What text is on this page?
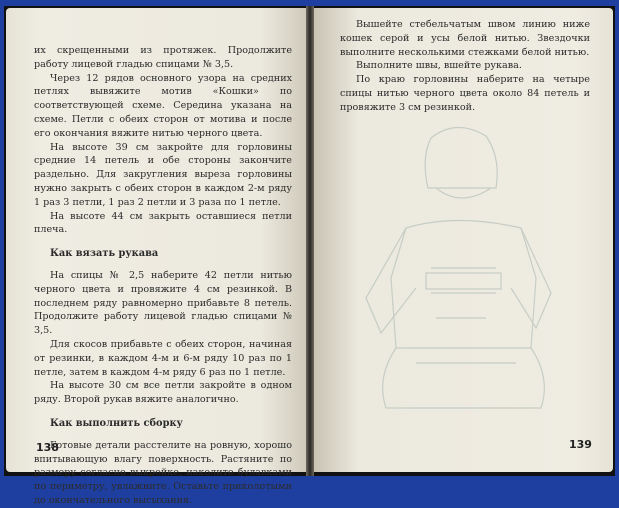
их скрещенными из протяжек. Продолжите работу лицевой гладью спицами № 3,5.

Через 12 рядов основного узора на средних петлях вывяжите мотив «Кошки» по соответствующей схеме. Середина указана на схеме. Петли с обеих сторон от мотива и после его окончания вяжите нитью черного цвета.

На высоте 39 см закройте для горловины средние 14 петель и обе стороны закончите раздельно. Для закругления выреза горловины нужно закрыть с обеих сторон в каждом 2-м ряду 1 раз 3 петли, 1 раз 2 петли и 3 раза по 1 петле.

На высоте 44 см закрыть оставшиеся петли плеча.

Как вязать рукава

На спицы № 2,5 наберите 42 петли нитью черного цвета и провяжите 4 см резинкой. В последнем ряду равномерно прибавьте 8 петель. Продолжите работу лицевой гладью спицами № 3,5.

Для скосов прибавьте с обеих сторон, начиная от резинки, в каждом 4-м и 6-м ряду 10 раз по 1 петле, затем в каждом 4-м ряду 6 раз по 1 петле.

На высоте 30 см все петли закройте в одном ряду. Второй рукав вяжите аналогично.

Как выполнить сборку

Готовые детали расстелите на ровную, хорошо впитывающую влагу поверхность. Растяните по размеру согласно выкройке, наколите булавками по периметру, увлажните. Оставьте приколотыми до окончательного высыхания.

138

Вышейте стебельчатым швом линию ниже кошек серой и усы белой нитью. Звездочки выполните несколькими стежками белой нитью.

Выполните швы, вшейте рукава.

По краю горловины наберите на четыре спицы нитью черного цвета около 84 петель и провяжите 3 см резинкой.

139
